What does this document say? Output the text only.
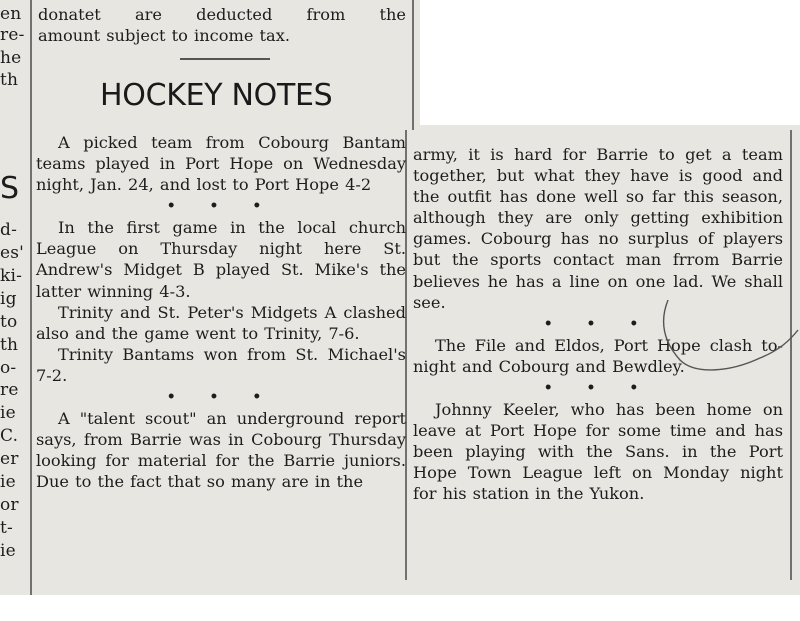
en
re-
he
th
S
d-
es'
ki-
ig
to
th
o-
re
ie
C.
er
ie
or
t-
ie

donatet are deducted from the

amount subject to income tax.

HOCKEY NOTES

A picked team from Cobourg Bantam teams played in Port Hope on Wednesday night, Jan. 24, and lost to Port Hope 4-2

• • •

In the first game in the local church League on Thursday night here St. Andrew's Midget B played St. Mike's the latter winning 4-3.

Trinity and St. Peter's Midgets A clashed also and the game went to Trinity, 7-6.

Trinity Bantams won from St. Michael's 7-2.

• • •

A "talent scout" an underground report says, from Barrie was in Cobourg Thursday looking for material for the Barrie juniors. Due to the fact that so many are in the

army, it is hard for Barrie to get a team together, but what they have is good and the outfit has done well so far this season, although they are only getting exhibition games. Cobourg has no surplus of players but the sports contact man frrom Barrie believes he has a line on one lad. We shall see.

• • •

The File and Eldos, Port Hope clash to-night and Cobourg and Bewdley.

• • •

Johnny Keeler, who has been home on leave at Port Hope for some time and has been playing with the Sans. in the Port Hope Town League left on Monday night for his station in the Yukon.
